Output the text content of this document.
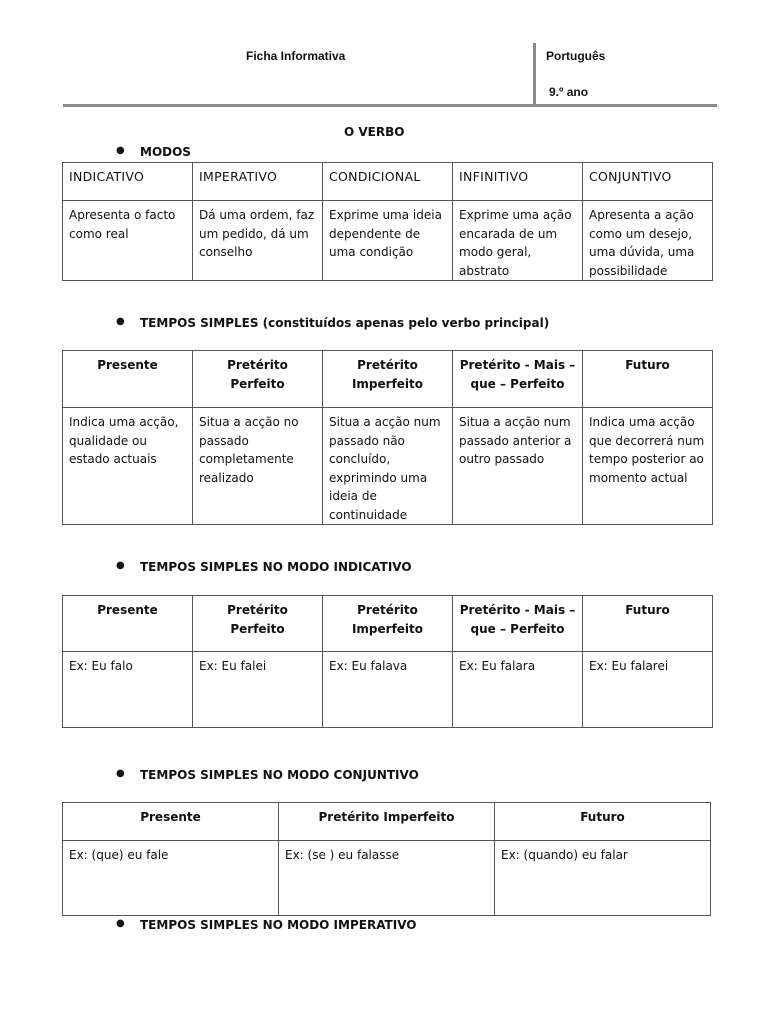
Ficha Informativa	Português
9.º ano
O VERBO
● MODOS
INDICATIVO	IMPERATIVO	CONDICIONAL	INFINITIVO	CONJUNTIVO
Apresenta o facto como real	Dá uma ordem, faz um pedido, dá um conselho	Exprime uma ideia dependente de uma condição	Exprime uma ação encarada de um modo geral, abstrato	Apresenta a ação como um desejo, uma dúvida, uma possibilidade
● TEMPOS SIMPLES (constituídos apenas pelo verbo principal)
Presente	Pretérito Perfeito	Pretérito Imperfeito	Pretérito - Mais –que – Perfeito	Futuro
Indica uma acção, qualidade ou estado actuais	Situa a acção no passado completamente realizado	Situa a acção num passado não concluído, exprimindo uma ideia de continuidade	Situa a acção num passado anterior a outro passado	Indica uma acção que decorrerá num tempo posterior ao momento actual
● TEMPOS SIMPLES NO MODO INDICATIVO
Presente	Pretérito Perfeito	Pretérito Imperfeito	Pretérito - Mais –que – Perfeito	Futuro
Ex: Eu falo	Ex: Eu falei	Ex: Eu falava	Ex: Eu falara	Ex: Eu falarei
● TEMPOS SIMPLES NO MODO CONJUNTIVO
Presente	Pretérito Imperfeito	Futuro
Ex: (que) eu fale	Ex: (se ) eu falasse	Ex: (quando) eu falar
● TEMPOS SIMPLES NO MODO IMPERATIVO
